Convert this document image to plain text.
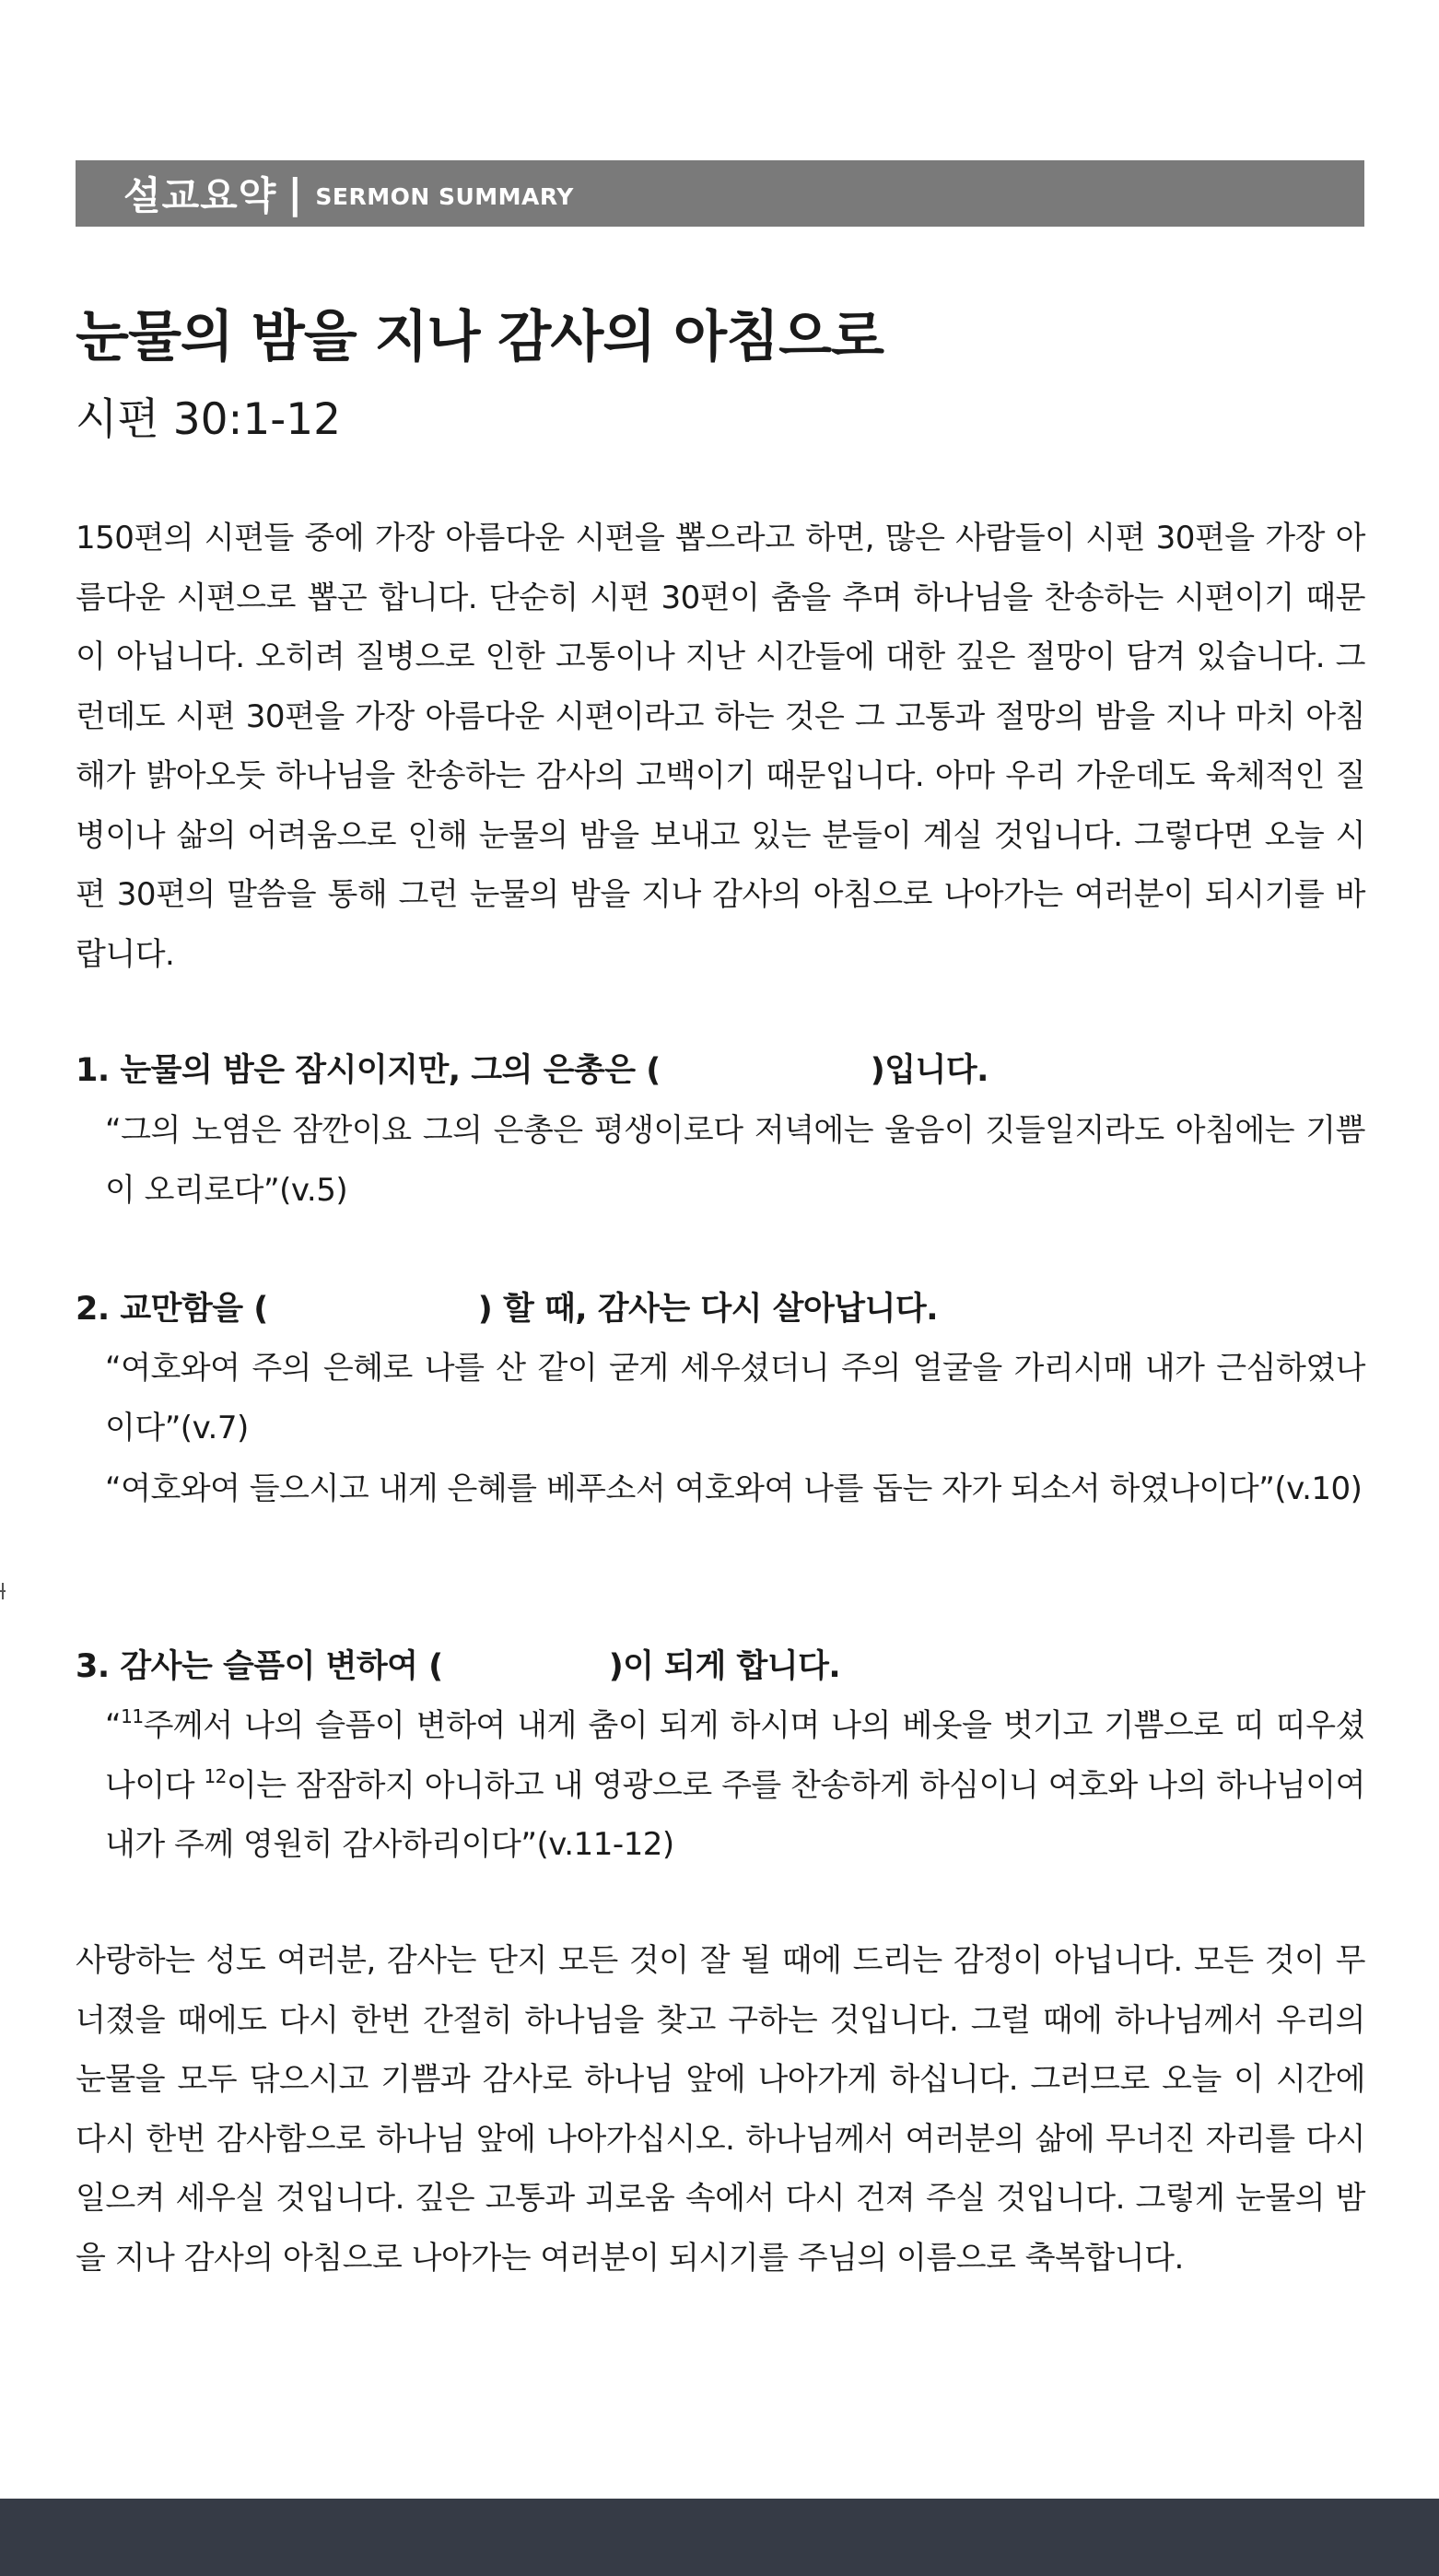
설교요약 | SERMON SUMMARY
눈물의 밤을 지나 감사의 아침으로
시편 30:1-12

150편의 시편들 중에 가장 아름다운 시편을 뽑으라고 하면, 많은 사람들이 시편 30편을 가장 아름다운 시편으로 뽑곤 합니다. 단순히 시편 30편이 춤을 추며 하나님을 찬송하는 시편이기 때문이 아닙니다. 오히려 질병으로 인한 고통이나 지난 시간들에 대한 깊은 절망이 담겨 있습니다. 그런데도 시편 30편을 가장 아름다운 시편이라고 하는 것은 그 고통과 절망의 밤을 지나 마치 아침 해가 밝아오듯 하나님을 찬송하는 감사의 고백이기 때문입니다. 아마 우리 가운데도 육체적인 질병이나 삶의 어려움으로 인해 눈물의 밤을 보내고 있는 분들이 계실 것입니다. 그렇다면 오늘 시편 30편의 말씀을 통해 그런 눈물의 밤을 지나 감사의 아침으로 나아가는 여러분이 되시기를 바랍니다.

1. 눈물의 밤은 잠시이지만, 그의 은총은 (	)입니다.

“그의 노염은 잠깐이요 그의 은총은 평생이로다 저녁에는 울음이 깃들일지라도 아침에는 기쁨이 오리로다”(v.5)

2. 교만함을 (	) 할 때, 감사는 다시 살아납니다.

“여호와여 주의 은혜로 나를 산 같이 굳게 세우셨더니 주의 얼굴을 가리시매 내가 근심하였나이다”(v.7)

“여호와여 들으시고 내게 은혜를 베푸소서 여호와여 나를 돕는 자가 되소서 하였나이다”(v.10)

3. 감사는 슬픔이 변하여 (	)이 되게 합니다.

“$^{11}$주께서 나의 슬픔이 변하여 내게 춤이 되게 하시며 나의 베옷을 벗기고 기쁨으로 띠 띠우셨나이다 $^{12}$이는 잠잠하지 아니하고 내 영광으로 주를 찬송하게 하심이니 여호와 나의 하나님이여 내가 주께 영원히 감사하리이다”(v.11-12)

사랑하는 성도 여러분, 감사는 단지 모든 것이 잘 될 때에 드리는 감정이 아닙니다. 모든 것이 무너졌을 때에도 다시 한번 간절히 하나님을 찾고 구하는 것입니다. 그럴 때에 하나님께서 우리의 눈물을 모두 닦으시고 기쁨과 감사로 하나님 앞에 나아가게 하십니다. 그러므로 오늘 이 시간에 다시 한번 감사함으로 하나님 앞에 나아가십시오. 하나님께서 여러분의 삶에 무너진 자리를 다시 일으켜 세우실 것입니다. 깊은 고통과 괴로움 속에서 다시 건져 주실 것입니다. 그렇게 눈물의 밤을 지나 감사의 아침으로 나아가는 여러분이 되시기를 주님의 이름으로 축복합니다.
